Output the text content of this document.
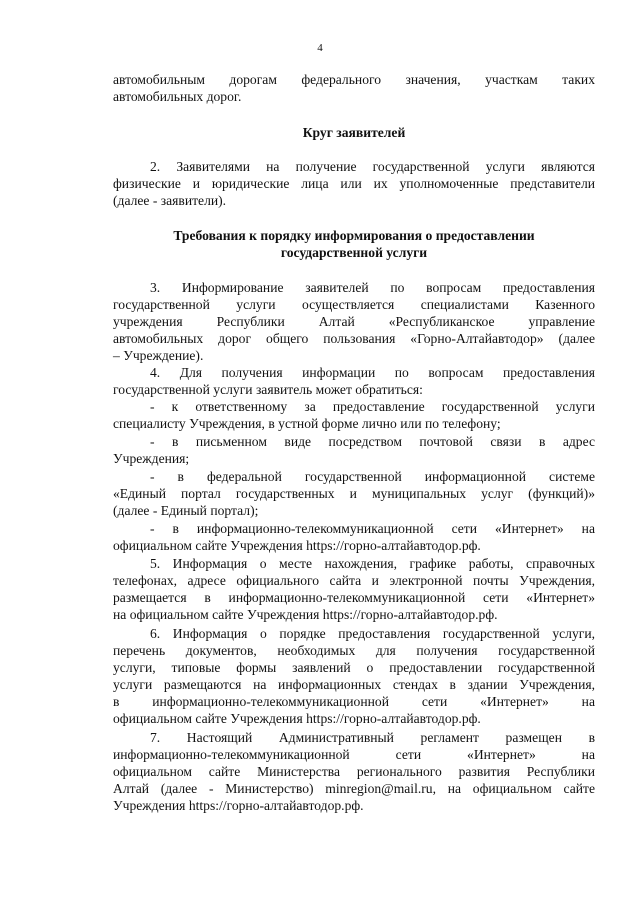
4
автомобильным дорогам федерального значения, участкам таких
автомобильных дорог.
Круг заявителей
2. Заявителями на получение государственной услуги являются
физические и юридические лица или их уполномоченные представители
(далее - заявители).
Требования к порядку информирования о предоставлении
государственной услуги
3. Информирование заявителей по вопросам предоставления
государственной услуги осуществляется специалистами Казенного
учреждения Республики Алтай «Республиканское управление
автомобильных дорог общего пользования «Горно-Алтайавтодор» (далее
– Учреждение).
4. Для получения информации по вопросам предоставления
государственной услуги заявитель может обратиться:
- к ответственному за предоставление государственной услуги
специалисту Учреждения, в устной форме лично или по телефону;
- в письменном виде посредством почтовой связи в адрес
Учреждения;
- в федеральной государственной информационной системе
«Единый портал государственных и муниципальных услуг (функций)»
(далее - Единый портал);
- в информационно-телекоммуникационной сети «Интернет» на
официальном сайте Учреждения https://горно-алтайавтодор.рф.
5. Информация о месте нахождения, графике работы, справочных
телефонах, адресе официального сайта и электронной почты Учреждения,
размещается в информационно-телекоммуникационной сети «Интернет»
на официальном сайте Учреждения https://горно-алтайавтодор.рф.
6. Информация о порядке предоставления государственной услуги,
перечень документов, необходимых для получения государственной
услуги, типовые формы заявлений о предоставлении государственной
услуги размещаются на информационных стендах в здании Учреждения,
в информационно-телекоммуникационной сети «Интернет» на
официальном сайте Учреждения https://горно-алтайавтодор.рф.
7. Настоящий Административный регламент размещен в
информационно-телекоммуникационной сети «Интернет» на
официальном сайте Министерства регионального развития Республики
Алтай (далее - Министерство) minregion@mail.ru, на официальном сайте
Учреждения https://горно-алтайавтодор.рф.
